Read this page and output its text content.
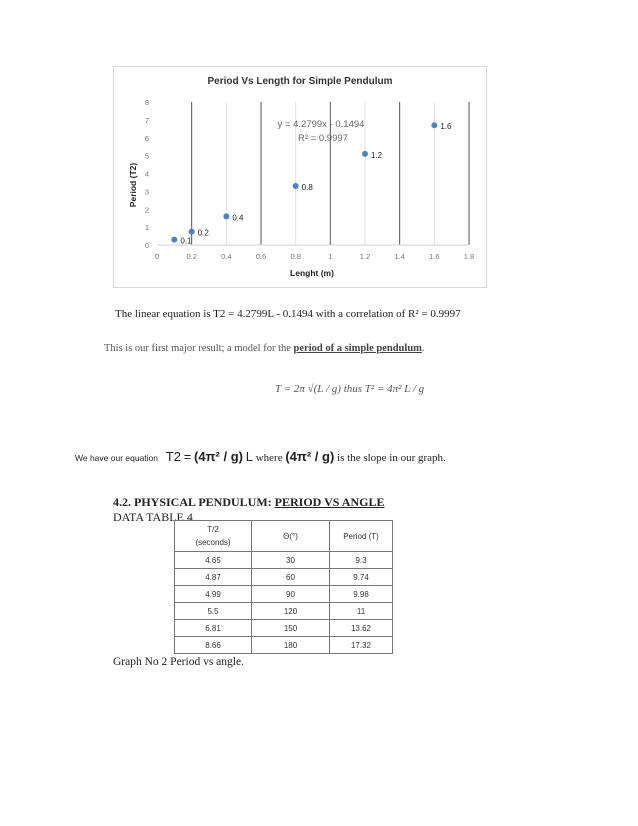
Period Vs Length for Simple Pendulum
0
1
2
3
4
5
6
7
8
0	0.2	0.4	0.6	0.8	1	1.2	1.4	1.6	1.8
Period (T2)
Lenght (m)
y = 4.2799x - 0.1494
R² = 0.9997
0.1
0.2
0.4
0.8
1.2
1.6
The linear equation is T2 = 4.2799L - 0.1494 with a correlation of R² = 0.9997
This is our first major result; a model for the period of a simple pendulum.
T = 2π √(L / g) thus T² = 4π² L / g
We have our equation T2 = (4π² / g) L where (4π² / g) is the slope in our graph.
4.2. PHYSICAL PENDULUM: PERIOD VS ANGLE
DATA TABLE 4
T/2
(seconds)	Θ(°)	Period (T)
4.65	30	9.3
4.87	60	9.74
4.99	90	9.98
5.5	120	11
6.81	150	13.62
8.66	180	17.32
Graph No 2 Period vs angle.
